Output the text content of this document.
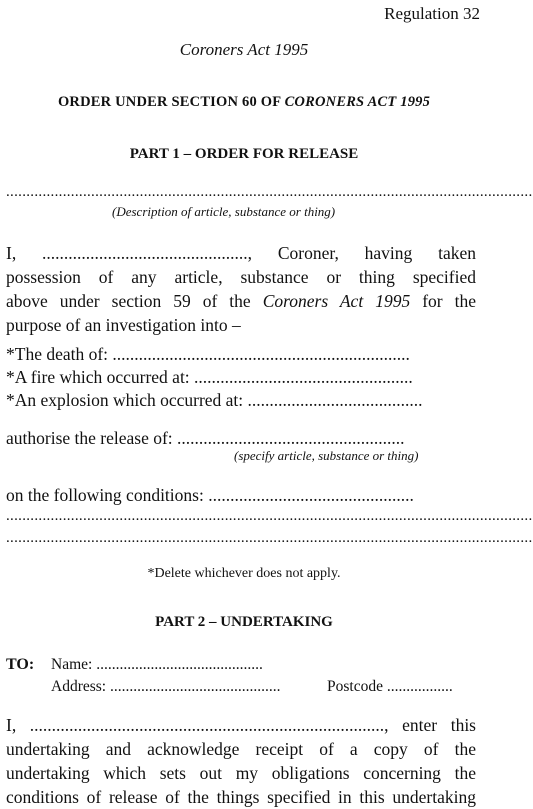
Regulation 32
Coroners Act 1995
ORDER UNDER SECTION 60 OF CORONERS ACT 1995
PART 1 – ORDER FOR RELEASE
..................................................................................................................................
(Description of article, substance or thing)
I, ..............................................., Coroner, having taken
possession of any article, substance or thing specified
above under section 59 of the Coroners Act 1995 for the
purpose of an investigation into –
*The death of: ....................................................................
*A fire which occurred at: ..................................................
*An explosion which occurred at: ........................................
authorise the release of: ....................................................
(specify article, substance or thing)
on the following conditions: ...............................................
..................................................................................................................................
..................................................................................................................................
*Delete whichever does not apply.
PART 2 – UNDERTAKING
TO: Name: ...........................................
Address: ............................................	Postcode .................
I, ................................................................................., enter this
undertaking and acknowledge receipt of a copy of the
undertaking which sets out my obligations concerning the
conditions of release of the things specified in this undertaking
